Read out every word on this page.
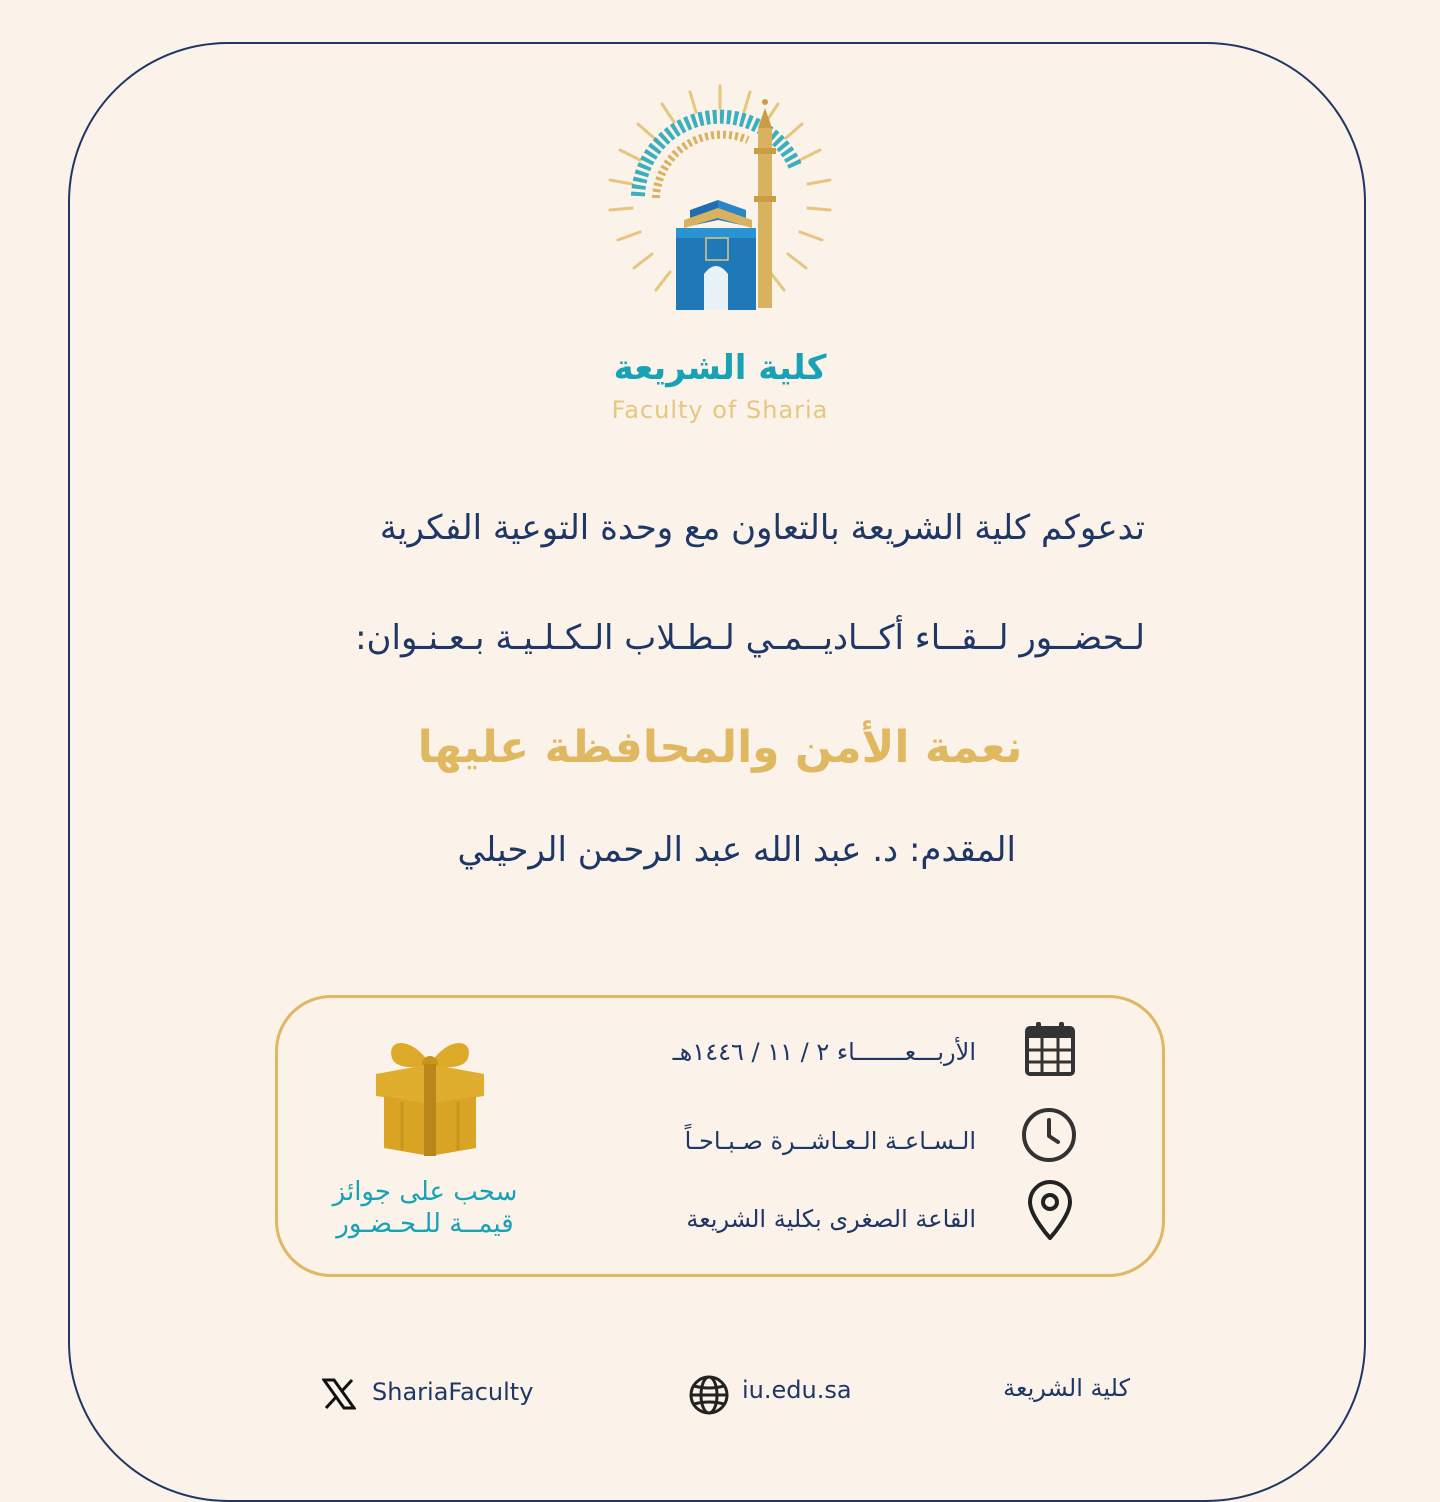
كلية الشريعة
Faculty of Sharia
تدعوكم كلية الشريعة بالتعاون مع وحدة التوعية الفكرية
لـحضــور لــقــاء أكــاديــمـي لـطـلاب الـكـلـيـة بـعـنـوان:
نعمة الأمن والمحافظة عليها
المقدم: د. عبد الله عبد الرحمن الرحيلي
الأربـــعـــــــاء ٢ / ١١ / ١٤٤٦هـ
الـسـاعـة الـعـاشــرة صـبـاحـاً
القاعة الصغرى بكلية الشريعة
سحب على جوائز
قيمــة للـحـضـور
ShariaFaculty	iu.edu.sa	كلية الشريعة
